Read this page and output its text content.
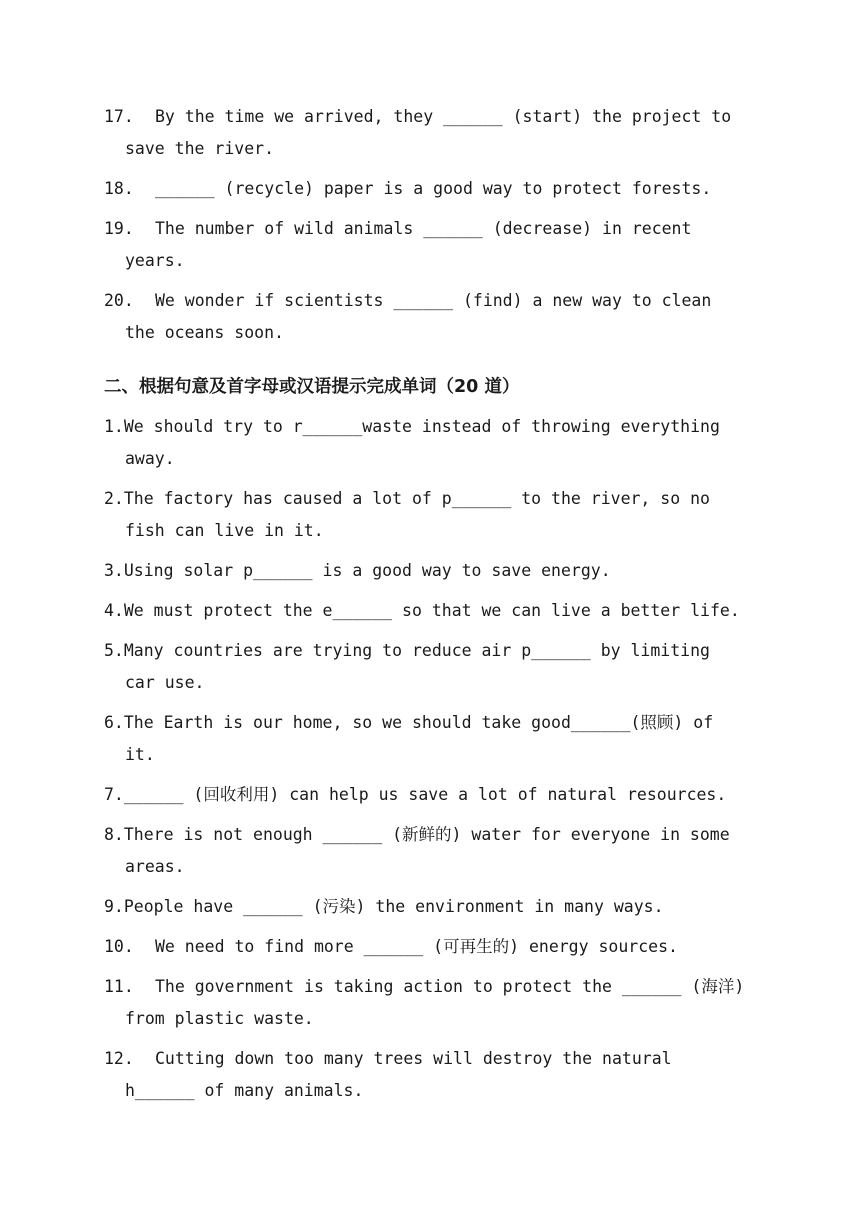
17. By the time we arrived, they ______ (start) the project to
save the river.
18. ______ (recycle) paper is a good way to protect forests.
19. The number of wild animals ______ (decrease) in recent
years.
20. We wonder if scientists ______ (find) a new way to clean
the oceans soon.
二、根据句意及首字母或汉语提示完成单词（20 道）
1.We should try to r______waste instead of throwing everything
away.
2.The factory has caused a lot of p______ to the river, so no
fish can live in it.
3.Using solar p______ is a good way to save energy.
4.We must protect the e______ so that we can live a better life.
5.Many countries are trying to reduce air p______ by limiting
car use.
6.The Earth is our home, so we should take good______(照顾) of
it.
7.______ (回收利用) can help us save a lot of natural resources.
8.There is not enough ______ (新鲜的) water for everyone in some
areas.
9.People have ______ (污染) the environment in many ways.
10. We need to find more ______ (可再生的) energy sources.
11. The government is taking action to protect the ______ (海洋)
from plastic waste.
12. Cutting down too many trees will destroy the natural
h______ of many animals.
